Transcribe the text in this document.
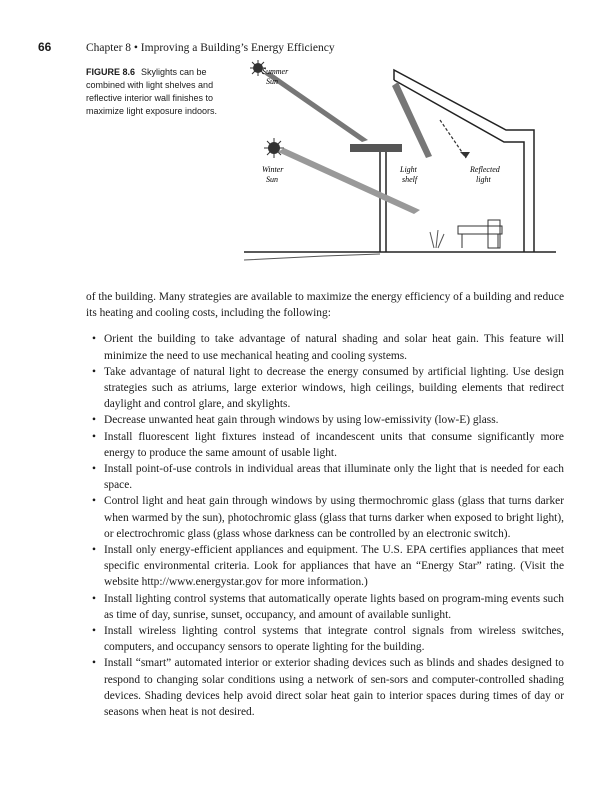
66	Chapter 8 • Improving a Building’s Energy Efficiency
FIGURE 8.6 Skylights can be combined with light shelves and reflective interior wall finishes to maximize light exposure indoors.
Summer
Sun
Winter
Sun
Light
shelf
Reflected
light

of the building. Many strategies are available to maximize the energy efficiency of a building and reduce its heating and cooling costs, including the following:

• Orient the building to take advantage of natural shading and solar heat gain. This feature will minimize the need to use mechanical heating and cooling systems.
• Take advantage of natural light to decrease the energy consumed by artificial lighting. Use design strategies such as atriums, large exterior windows, high ceilings, building elements that redirect daylight and control glare, and skylights.
• Decrease unwanted heat gain through windows by using low-emissivity (low-E) glass.
• Install fluorescent light fixtures instead of incandescent units that consume significantly more energy to produce the same amount of usable light.
• Install point-of-use controls in individual areas that illuminate only the light that is needed for each space.
• Control light and heat gain through windows by using thermochromic glass (glass that turns darker when warmed by the sun), photochromic glass (glass that turns darker when exposed to bright light), or electrochromic glass (glass whose darkness can be controlled by an electronic switch).
• Install only energy-efficient appliances and equipment. The U.S. EPA certifies appliances that meet specific environmental criteria. Look for appliances that have an “Energy Star” rating. (Visit the website http://www.energystar.gov for more information.)
• Install lighting control systems that automatically operate lights based on program-ming events such as time of day, sunrise, sunset, occupancy, and amount of available sunlight.
• Install wireless lighting control systems that integrate control signals from wireless switches, computers, and occupancy sensors to operate lighting for the building.
• Install “smart” automated interior or exterior shading devices such as blinds and shades designed to respond to changing solar conditions using a network of sen-sors and computer-controlled shading devices. Shading devices help avoid direct solar heat gain to interior spaces during times of day or seasons when heat is not desired.
